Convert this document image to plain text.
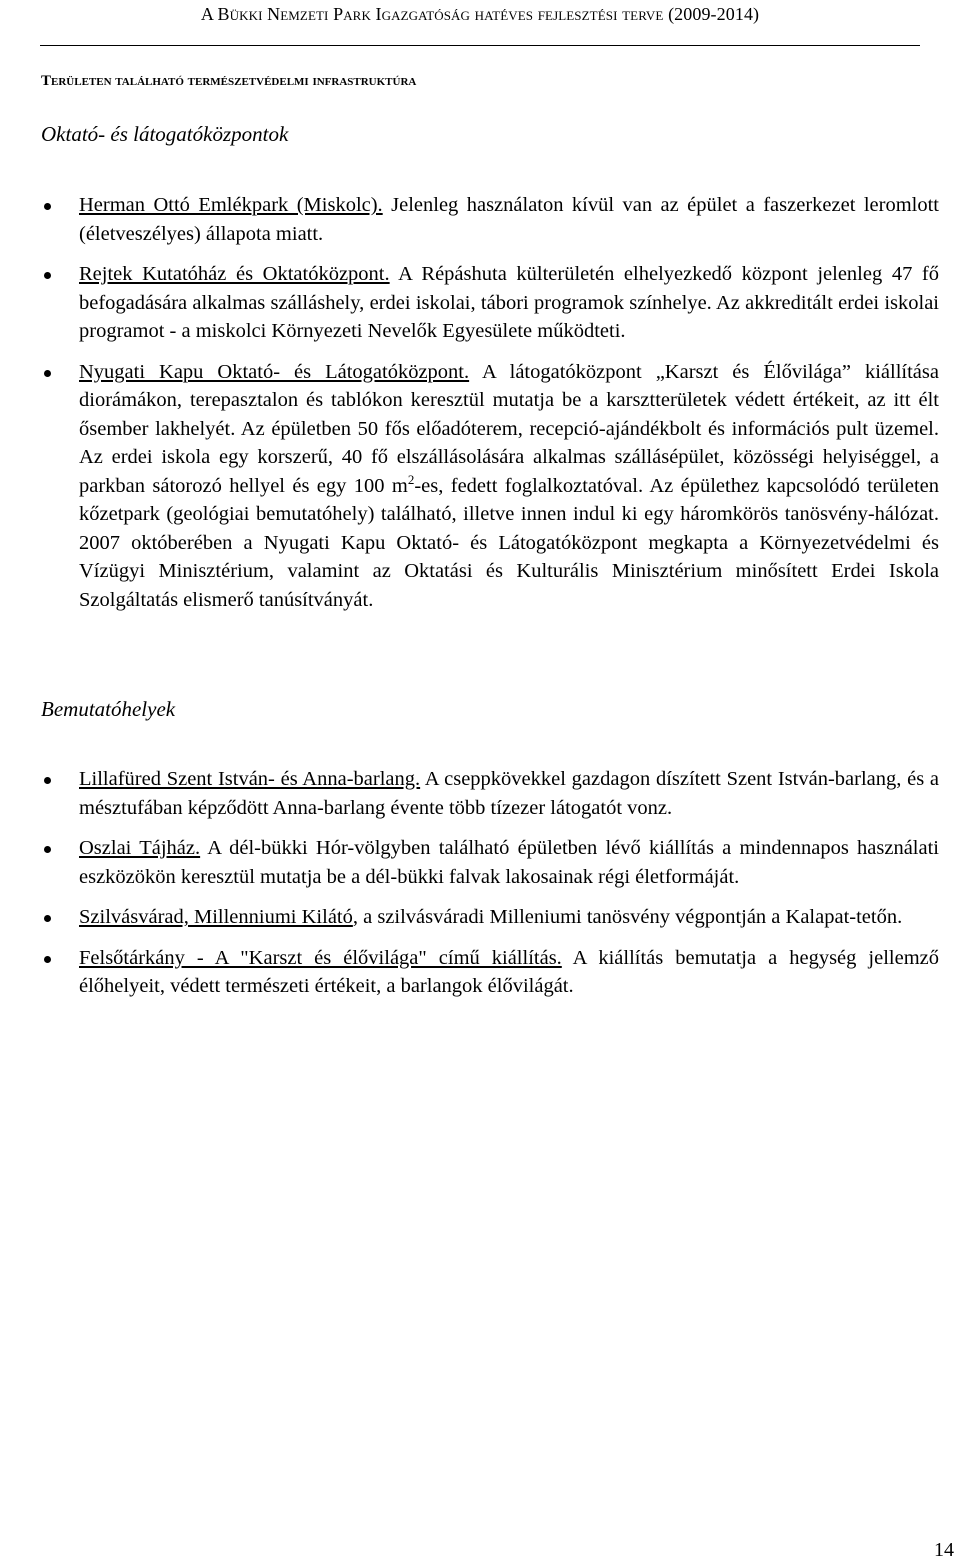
A Bükki Nemzeti Park Igazgatóság hatéves fejlesztési terve (2009-2014)
Területen található természetvédelmi infrastruktúra
Oktató- és látogatóközpontok
Herman Ottó Emlékpark (Miskolc). Jelenleg használaton kívül van az épület a faszerkezet leromlott (életveszélyes) állapota miatt.
Rejtek Kutatóház és Oktatóközpont. A Répáshuta külterületén elhelyezkedő központ jelenleg 47 fő befogadására alkalmas szálláshely, erdei iskolai, tábori programok színhelye. Az akkreditált erdei iskolai programot - a miskolci Környezeti Nevelők Egyesülete működteti.
Nyugati Kapu Oktató- és Látogatóközpont. A látogatóközpont „Karszt és Élővilága” kiállítása diorámákon, terepasztalon és tablókon keresztül mutatja be a karsztterületek védett értékeit, az itt élt ősember lakhelyét. Az épületben 50 fős előadóterem, recepció-ajándékbolt és információs pult üzemel. Az erdei iskola egy korszerű, 40 fő elszállásolására alkalmas szállásépület, közösségi helyiséggel, a parkban sátorozó hellyel és egy 100 $m^2-es$, fedett foglalkoztatóval. Az épülethez kapcsolódó területen kőzetpark (geológiai bemutatóhely) található, illetve innen indul ki egy háromkörös tanösvény-hálózat. 2007 októberében a Nyugati Kapu Oktató- és Látogatóközpont megkapta a Környezetvédelmi és Vízügyi Minisztérium, valamint az Oktatási és Kulturális Minisztérium minősített Erdei Iskola Szolgáltatás elismerő tanúsítványát.
Bemutatóhelyek
Lillafüred Szent István- és Anna-barlang. A cseppkövekkel gazdagon díszített Szent István-barlang, és a mésztufában képződött Anna-barlang évente több tízezer látogatót vonz.
Oszlai Tájház. A dél-bükki Hór-völgyben található épületben lévő kiállítás a mindennapos használati eszközökön keresztül mutatja be a dél-bükki falvak lakosainak régi életformáját.
Szilvásvárad, Millenniumi Kilátó, a szilvásváradi Milleniumi tanösvény végpontján a Kalapat-tetőn.
Felsőtárkány - A "Karszt és élővilága" című kiállítás. A kiállítás bemutatja a hegység jellemző élőhelyeit, védett természeti értékeit, a barlangok élővilágát.
14
